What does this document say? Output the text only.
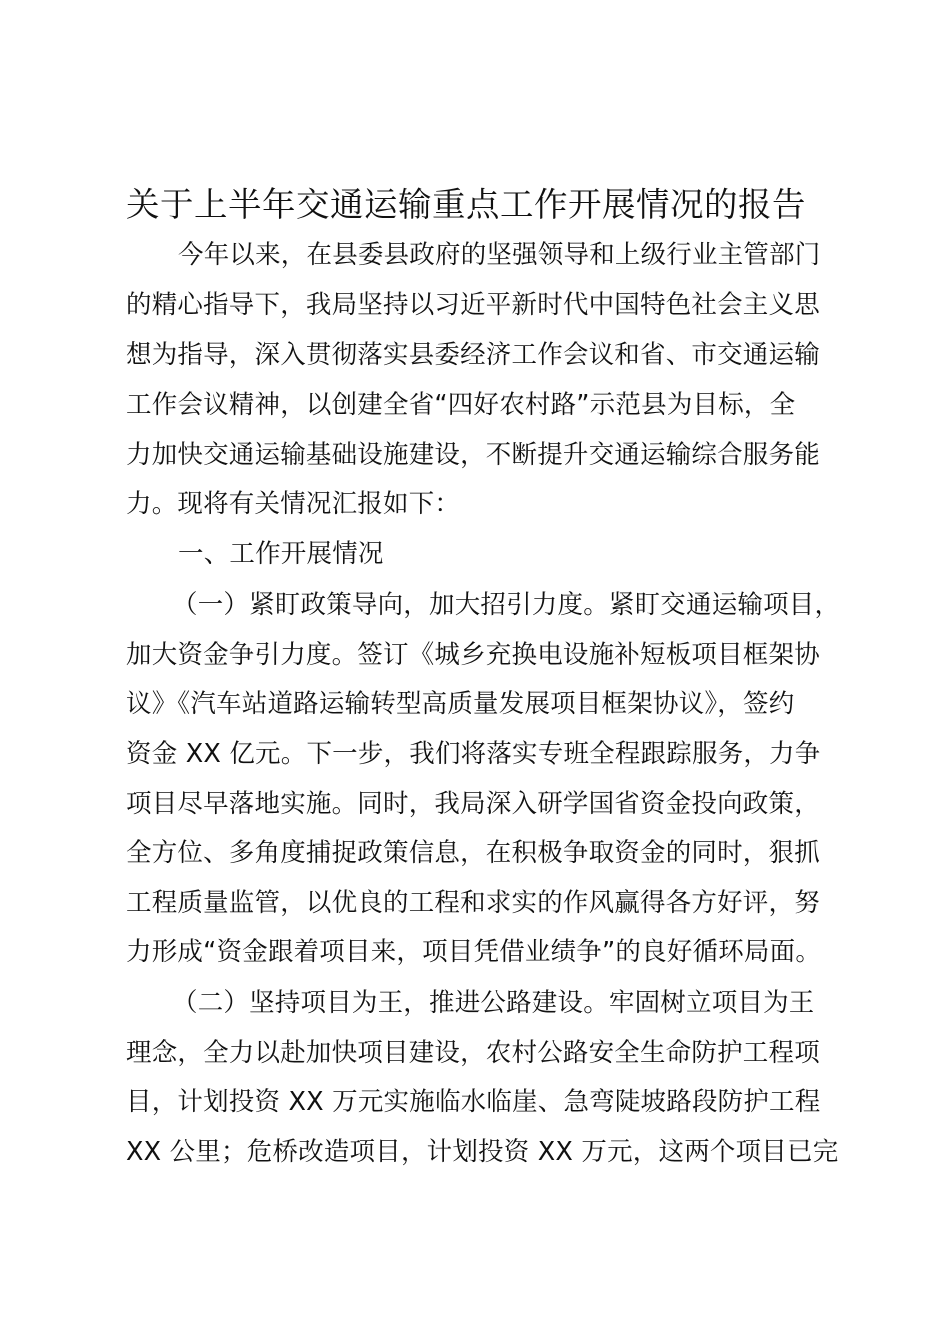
关于上半年交通运输重点工作开展情况的报告
今年以来，在县委县政府的坚强领导和上级行业主管部门
的精心指导下，我局坚持以习近平新时代中国特色社会主义思
想为指导，深入贯彻落实县委经济工作会议和省、市交通运输
工作会议精神，以创建全省“四好农村路”示范县为目标，全
力加快交通运输基础设施建设，不断提升交通运输综合服务能
力。现将有关情况汇报如下：
一、工作开展情况
（一）紧盯政策导向，加大招引力度。紧盯交通运输项目，
加大资金争引力度。签订《城乡充换电设施补短板项目框架协
议》《汽车站道路运输转型高质量发展项目框架协议》，签约
资金 XX 亿元。下一步，我们将落实专班全程跟踪服务，力争
项目尽早落地实施。同时，我局深入研学国省资金投向政策，
全方位、多角度捕捉政策信息，在积极争取资金的同时，狠抓
工程质量监管，以优良的工程和求实的作风赢得各方好评，努
力形成“资金跟着项目来，项目凭借业绩争”的良好循环局面。
（二）坚持项目为王，推进公路建设。牢固树立项目为王
理念，全力以赴加快项目建设，农村公路安全生命防护工程项
目，计划投资 XX 万元实施临水临崖、急弯陡坡路段防护工程
XX 公里；危桥改造项目，计划投资 XX 万元，这两个项目已完
